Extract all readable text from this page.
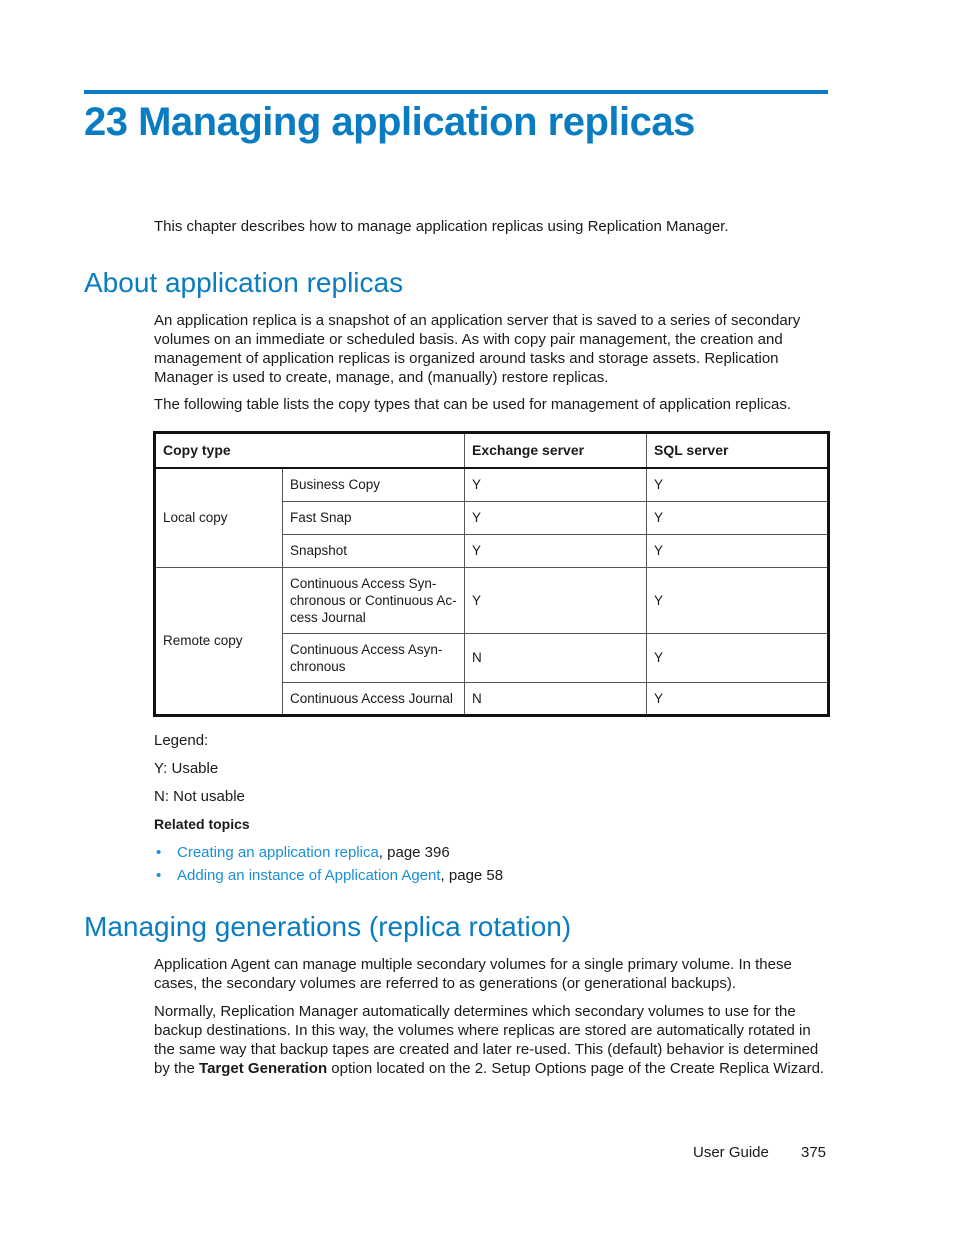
23 Managing application replicas

This chapter describes how to manage application replicas using Replication Manager.

About application replicas

An application replica is a snapshot of an application server that is saved to a series of secondary volumes on an immediate or scheduled basis. As with copy pair management, the creation and management of application replicas is organized around tasks and storage assets. Replication Manager is used to create, manage, and (manually) restore replicas.

The following table lists the copy types that can be used for management of application replicas.

Copy type		Exchange server	SQL server
Local copy	Business Copy	Y	Y
	Fast Snap	Y	Y
	Snapshot	Y	Y
Remote copy	Continuous Access Syn-chronous or Continuous Ac-cess Journal	Y	Y
	Continuous Access Asyn-chronous	N	Y
	Continuous Access Journal	N	Y

Legend:

Y: Usable

N: Not usable

Related topics

• Creating an application replica, page 396
• Adding an instance of Application Agent, page 58
Managing generations (replica rotation)

Application Agent can manage multiple secondary volumes for a single primary volume. In these cases, the secondary volumes are referred to as generations (or generational backups).

Normally, Replication Manager automatically determines which secondary volumes to use for the backup destinations. In this way, the volumes where replicas are stored are automatically rotated in the same way that backup tapes are created and later re-used. This (default) behavior is determined by the Target Generation option located on the 2. Setup Options page of the Create Replica Wizard.

User Guide 375
